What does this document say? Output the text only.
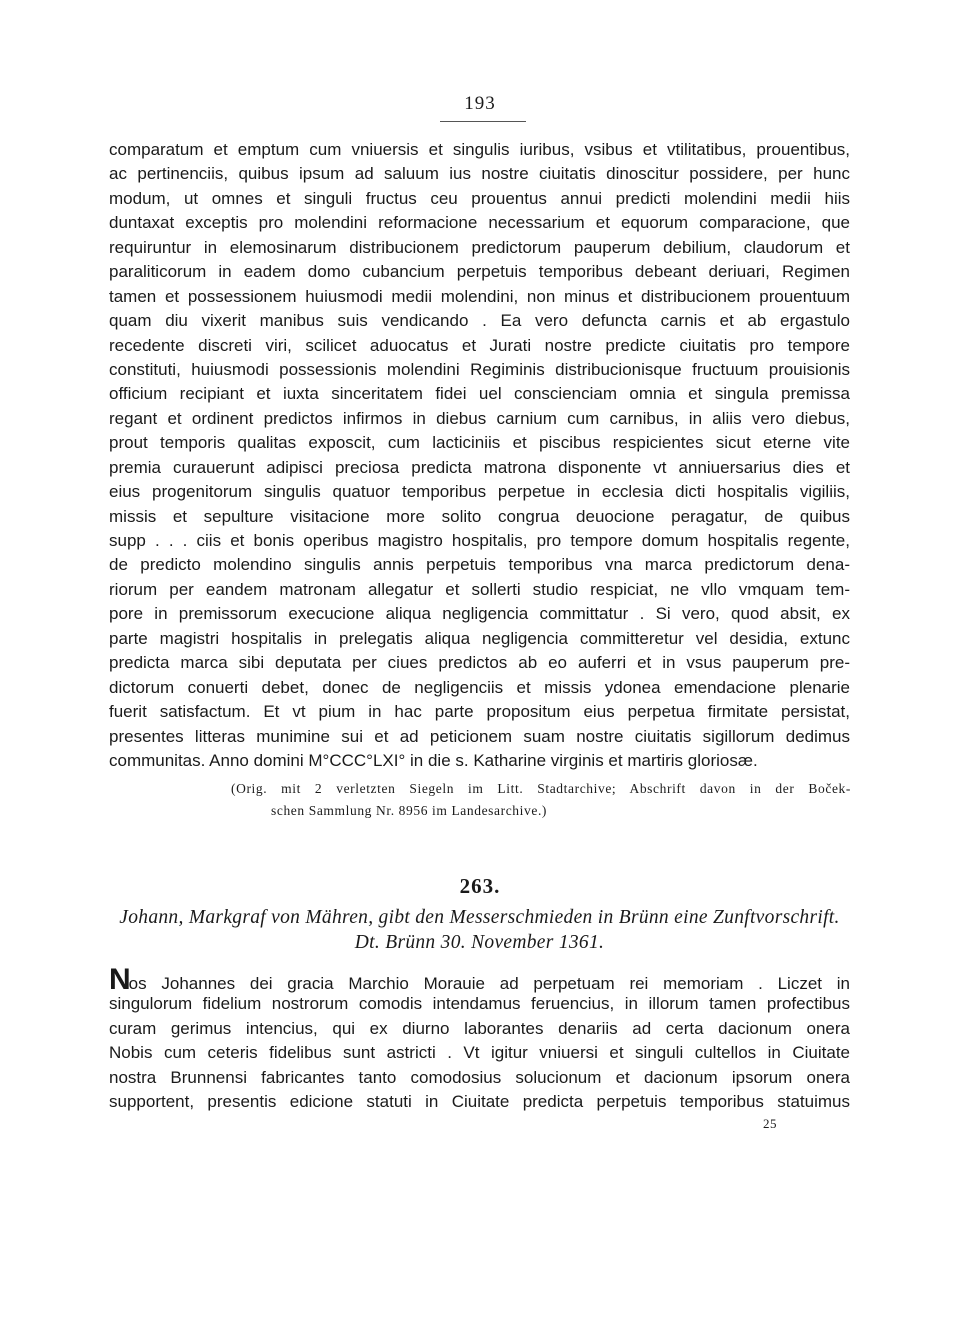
193
comparatum et emptum cum vniuersis et singulis iuribus, vsibus et vtilitatibus, prouentibus,
ac pertinenciis, quibus ipsum ad saluum ius nostre ciuitatis dinoscitur possidere, per hunc
modum, ut omnes et singuli fructus ceu prouentus annui predicti molendini medii hiis
duntaxat exceptis pro molendini reformacione necessarium et equorum comparacione, que
requiruntur in elemosinarum distribucionem predictorum pauperum debilium, claudorum et
paraliticorum in eadem domo cubancium perpetuis temporibus debeant deriuari, Regimen
tamen et possessionem huiusmodi medii molendini, non minus et distribucionem prouentuum
quam diu vixerit manibus suis vendicando . Ea vero defuncta carnis et ab ergastulo
recedente discreti viri, scilicet aduocatus et Jurati nostre predicte ciuitatis pro tempore
constituti, huiusmodi possessionis molendini Regiminis distribucionisque fructuum prouisionis
officium recipiant et iuxta sinceritatem fidei uel conscienciam omnia et singula premissa
regant et ordinent predictos infirmos in diebus carnium cum carnibus, in aliis vero diebus,
prout temporis qualitas exposcit, cum lacticiniis et piscibus respicientes sicut eterne vite
premia curauerunt adipisci preciosa predicta matrona disponente vt anniuersarius dies et
eius progenitorum singulis quatuor temporibus perpetue in ecclesia dicti hospitalis vigiliis,
missis et sepulture visitacione more solito congrua deuocione peragatur, de quibus
supp . . . ciis et bonis operibus magistro hospitalis, pro tempore domum hospitalis regente,
de predicto molendino singulis annis perpetuis temporibus vna marca predictorum dena-
riorum per eandem matronam allegatur et sollerti studio respiciat, ne vllo vmquam tem-
pore in premissorum execucione aliqua negligencia committatur . Si vero, quod absit, ex
parte magistri hospitalis in prelegatis aliqua negligencia committeretur vel desidia, extunc
predicta marca sibi deputata per ciues predictos ab eo auferri et in vsus pauperum pre-
dictorum conuerti debet, donec de negligenciis et missis ydonea emendacione plenarie
fuerit satisfactum. Et vt pium in hac parte propositum eius perpetua firmitate persistat,
presentes litteras munimine sui et ad peticionem suam nostre ciuitatis sigillorum dedimus
communitas. Anno domini M°CCC°LXI° in die s. Katharine virginis et martiris gloriosæ.
(Orig. mit 2 verletzten Siegeln im Litt. Stadtarchive; Abschrift davon in der Boček-
schen Sammlung Nr. 8956 im Landesarchive.)
263.
Johann, Markgraf von Mähren, gibt den Messerschmieden in Brünn eine Zunftvorschrift.
Dt. Brünn 30. November 1361.
Nos Johannes dei gracia Marchio Morauie ad perpetuam rei memoriam . Liczet in
singulorum fidelium nostrorum comodis intendamus feruencius, in illorum tamen profectibus
curam gerimus intencius, qui ex diurno laborantes denariis ad certa dacionum onera
Nobis cum ceteris fidelibus sunt astricti . Vt igitur vniuersi et singuli cultellos in Ciuitate
nostra Brunnensi fabricantes tanto comodosius solucionum et dacionum ipsorum onera
supportent, presentis edicione statuti in Ciuitate predicta perpetuis temporibus statuimus
25
